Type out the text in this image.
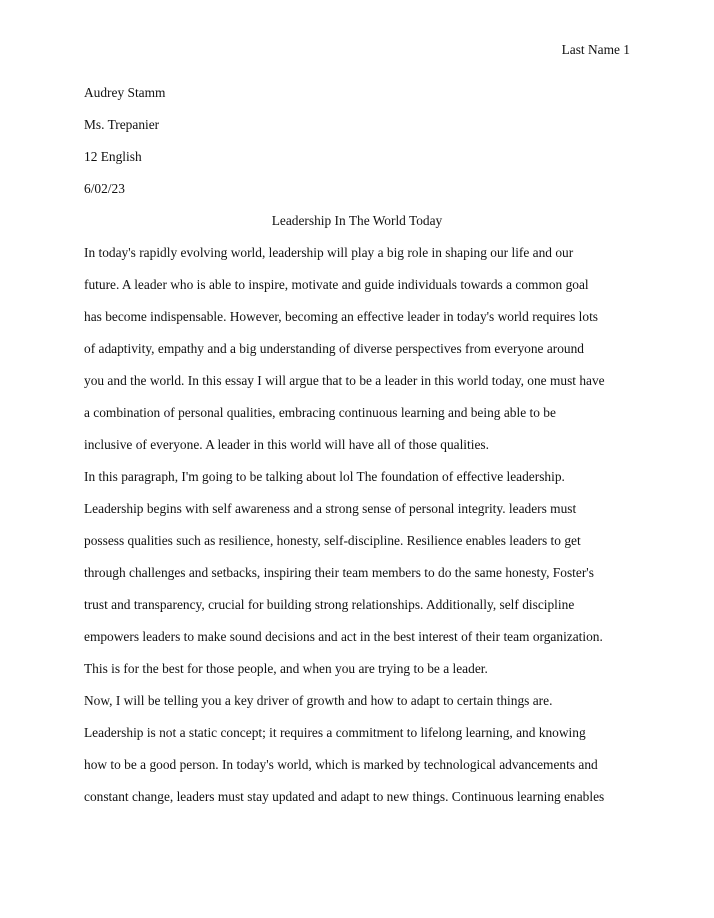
Last Name 1
Audrey Stamm
Ms. Trepanier
12 English
6/02/23
Leadership In The World Today
In today's rapidly evolving world, leadership will play a big role in shaping our life and our
future. A leader who is able to inspire, motivate and guide individuals towards a common goal
has become indispensable. However, becoming an effective leader in today's world requires lots
of adaptivity, empathy and a big understanding of diverse perspectives from everyone around
you and the world. In this essay I will argue that to be a leader in this world today, one must have
a combination of personal qualities, embracing continuous learning and being able to be
inclusive of everyone. A leader in this world will have all of those qualities.
In this paragraph, I'm going to be talking about lol The foundation of effective leadership.
Leadership begins with self awareness and a strong sense of personal integrity. leaders must
possess qualities such as resilience, honesty, self-discipline. Resilience enables leaders to get
through challenges and setbacks, inspiring their team members to do the same honesty, Foster's
trust and transparency, crucial for building strong relationships. Additionally, self discipline
empowers leaders to make sound decisions and act in the best interest of their team organization.
This is for the best for those people, and when you are trying to be a leader.
Now, I will be telling you a key driver of growth and how to adapt to certain things are.
Leadership is not a static concept; it requires a commitment to lifelong learning, and knowing
how to be a good person. In today's world, which is marked by technological advancements and
constant change, leaders must stay updated and adapt to new things. Continuous learning enables
